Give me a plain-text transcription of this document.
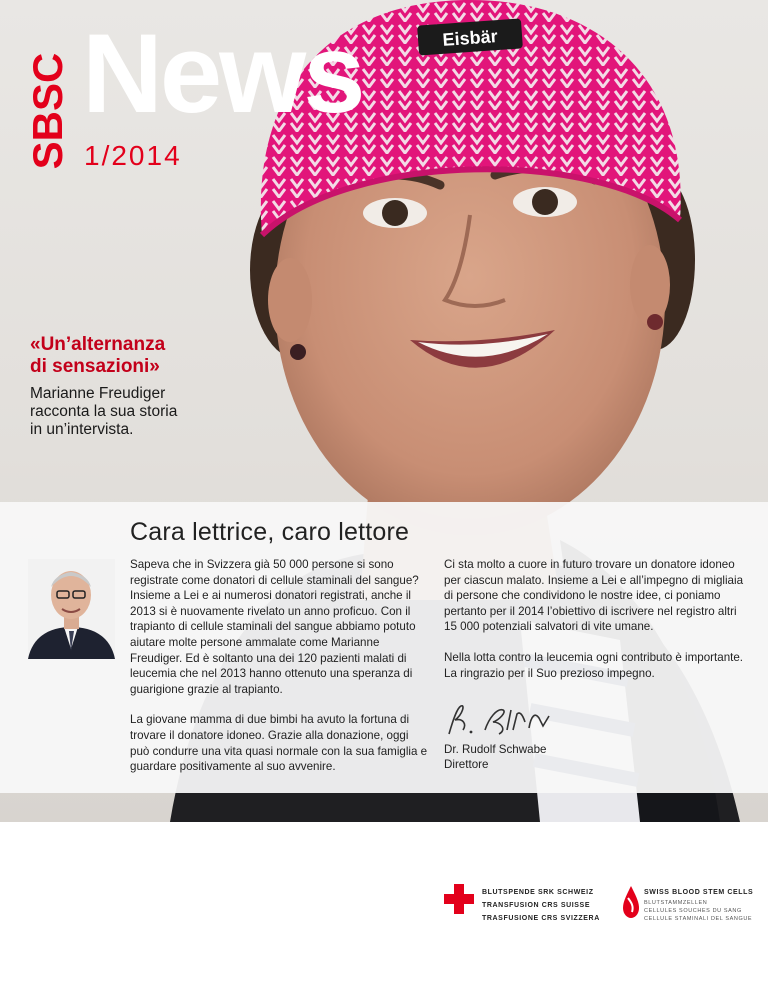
Eisbär
SBSC News
1/2014
«Un’alternanza
di sensazioni»
Marianne Freudiger
racconta la sua storia
in un’intervista.
Cara lettrice, caro lettore

Sapeva che in Svizzera già 50 000 persone si sono registrate come donatori di cellule staminali del sangue? Insieme a Lei e ai numerosi donatori registrati, anche il 2013 si è nuovamente rivelato un anno proficuo. Con il trapianto di cellule staminali del sangue abbiamo potuto aiutare molte persone ammalate come Marianne Freudiger. Ed è soltanto una dei 120 pazienti malati di leucemia che nel 2013 hanno ottenuto una speranza di guarigione grazie al trapianto.

La giovane mamma di due bimbi ha avuto la fortuna di trovare il donatore idoneo. Grazie alla donazione, oggi può condurre una vita quasi normale con la sua famiglia e guardare positivamente al suo avvenire.

Ci sta molto a cuore in futuro trovare un donatore idoneo per ciascun malato. Insieme a Lei e all’impegno di migliaia di persone che condividono le nostre idee, ci poniamo pertanto per il 2014 l’obiettivo di iscrivere nel registro altri 15 000 potenziali salvatori di vite umane.

Nella lotta contro la leucemia ogni contributo è importante. La ringrazio per il Suo prezioso impegno.

Dr. Rudolf Schwabe
Direttore
BLUTSPENDE SRK SCHWEIZ
TRANSFUSION CRS SUISSE
TRASFUSIONE CRS SVIZZERA
SWISS BLOOD STEM CELLS
BLUTSTAMMZELLEN
CELLULES SOUCHES DU SANG
CELLULE STAMINALI DEL SANGUE
